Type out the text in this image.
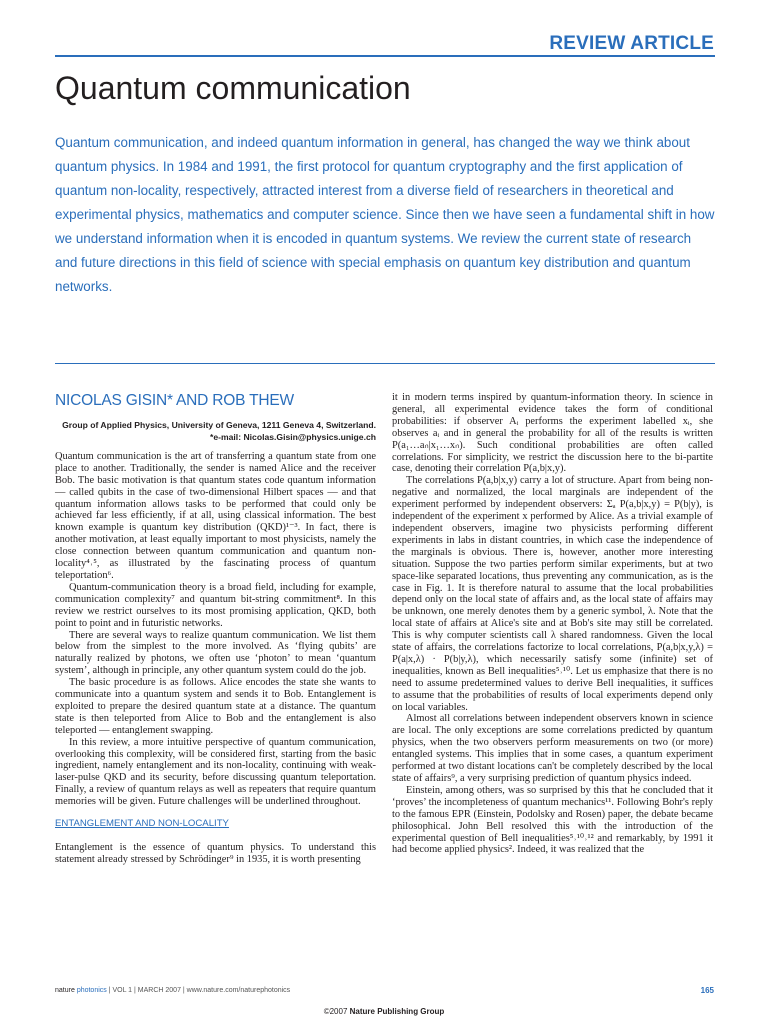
REVIEW ARTICLE
Quantum communication

Quantum communication, and indeed quantum information in general, has changed the way we think about quantum physics. In 1984 and 1991, the first protocol for quantum cryptography and the first application of quantum non-locality, respectively, attracted interest from a diverse field of researchers in theoretical and experimental physics, mathematics and computer science. Since then we have seen a fundamental shift in how we understand information when it is encoded in quantum systems. We review the current state of research and future directions in this field of science with special emphasis on quantum key distribution and quantum networks.

NICOLAS GISIN* AND ROB THEW
Group of Applied Physics, University of Geneva, 1211 Geneva 4, Switzerland.
*e-mail: Nicolas.Gisin@physics.unige.ch

Quantum communication is the art of transferring a quantum state from one place to another. Traditionally, the sender is named Alice and the receiver Bob. The basic motivation is that quantum states code quantum information — called qubits in the case of two-dimensional Hilbert spaces — and that quantum information allows tasks to be performed that could only be achieved far less efficiently, if at all, using classical information. The best known example is quantum key distribution (QKD)¹⁻³. In fact, there is another motivation, at least equally important to most physicists, namely the close connection between quantum communication and quantum non-locality⁴˒⁵, as illustrated by the fascinating process of quantum teleportation⁶.

Quantum-communication theory is a broad field, including for example, communication complexity⁷ and quantum bit-string commitment⁸. In this review we restrict ourselves to its most promising application, QKD, both point to point and in futuristic networks.

There are several ways to realize quantum communication. We list them below from the simplest to the more involved. As ‘flying qubits’ are naturally realized by photons, we often use ‘photon’ to mean ‘quantum system’, although in principle, any other quantum system could do the job.

The basic procedure is as follows. Alice encodes the state she wants to communicate into a quantum system and sends it to Bob. Entanglement is exploited to prepare the desired quantum state at a distance. The quantum state is then teleported from Alice to Bob and the entanglement is also teleported — entanglement swapping.

In this review, a more intuitive perspective of quantum communication, overlooking this complexity, will be considered first, starting from the basic ingredient, namely entanglement and its non-locality, continuing with weak-laser-pulse QKD and its security, before discussing quantum teleportation. Finally, a review of quantum relays as well as repeaters that require quantum memories will be given. Future challenges will be underlined throughout.

ENTANGLEMENT AND NON-LOCALITY

Entanglement is the essence of quantum physics. To understand this statement already stressed by Schrödinger⁹ in 1935, it is worth presenting

it in modern terms inspired by quantum-information theory. In science in general, all experimental evidence takes the form of conditional probabilities: if observer Aᵢ performs the experiment labelled xᵢ, she observes aᵢ and in general the probability for all of the results is written P(a₁…aₙ|x₁…xₙ). Such conditional probabilities are often called correlations. For simplicity, we restrict the discussion here to the bi-partite case, denoting their correlation P(a,b|x,y).

The correlations P(a,b|x,y) carry a lot of structure. Apart from being non-negative and normalized, the local marginals are independent of the experiment performed by independent observers: Σₐ P(a,b|x,y) = P(b|y), is independent of the experiment x performed by Alice. As a trivial example of independent observers, imagine two physicists performing different experiments in labs in distant countries, in which case the independence of the marginals is obvious. There is, however, another more interesting situation. Suppose the two parties perform similar experiments, but at two space-like separated locations, thus preventing any communication, as is the case in Fig. 1. It is therefore natural to assume that the local probabilities depend only on the local state of affairs and, as the local state of affairs may be unknown, one merely denotes them by a generic symbol, λ. Note that the local state of affairs at Alice's site and at Bob's site may still be correlated. This is why computer scientists call λ shared randomness. Given the local state of affairs, the correlations factorize to local correlations, P(a,b|x,y,λ) = P(a|x,λ) · P(b|y,λ), which necessarily satisfy some (infinite) set of inequalities, known as Bell inequalities⁵˒¹⁰. Let us emphasize that there is no need to assume predetermined values to derive Bell inequalities, it suffices to assume that the probabilities of results of local experiments depend only on local variables.

Almost all correlations between independent observers known in science are local. The only exceptions are some correlations predicted by quantum physics, when the two observers perform measurements on two (or more) entangled systems. This implies that in some cases, a quantum experiment performed at two distant locations can't be completely described by the local state of affairs⁹, a very surprising prediction of quantum physics indeed.

Einstein, among others, was so surprised by this that he concluded that it ‘proves’ the incompleteness of quantum mechanics¹¹. Following Bohr's reply to the famous EPR (Einstein, Podolsky and Rosen) paper, the debate became philosophical. John Bell resolved this with the introduction of the experimental question of Bell inequalities⁵˒¹⁰˒¹² and remarkably, by 1991 it had become applied physics². Indeed, it was realized that the

nature photonics | VOL 1 | MARCH 2007 | www.nature.com/naturephotonics	165
©2007 Nature Publishing Group
